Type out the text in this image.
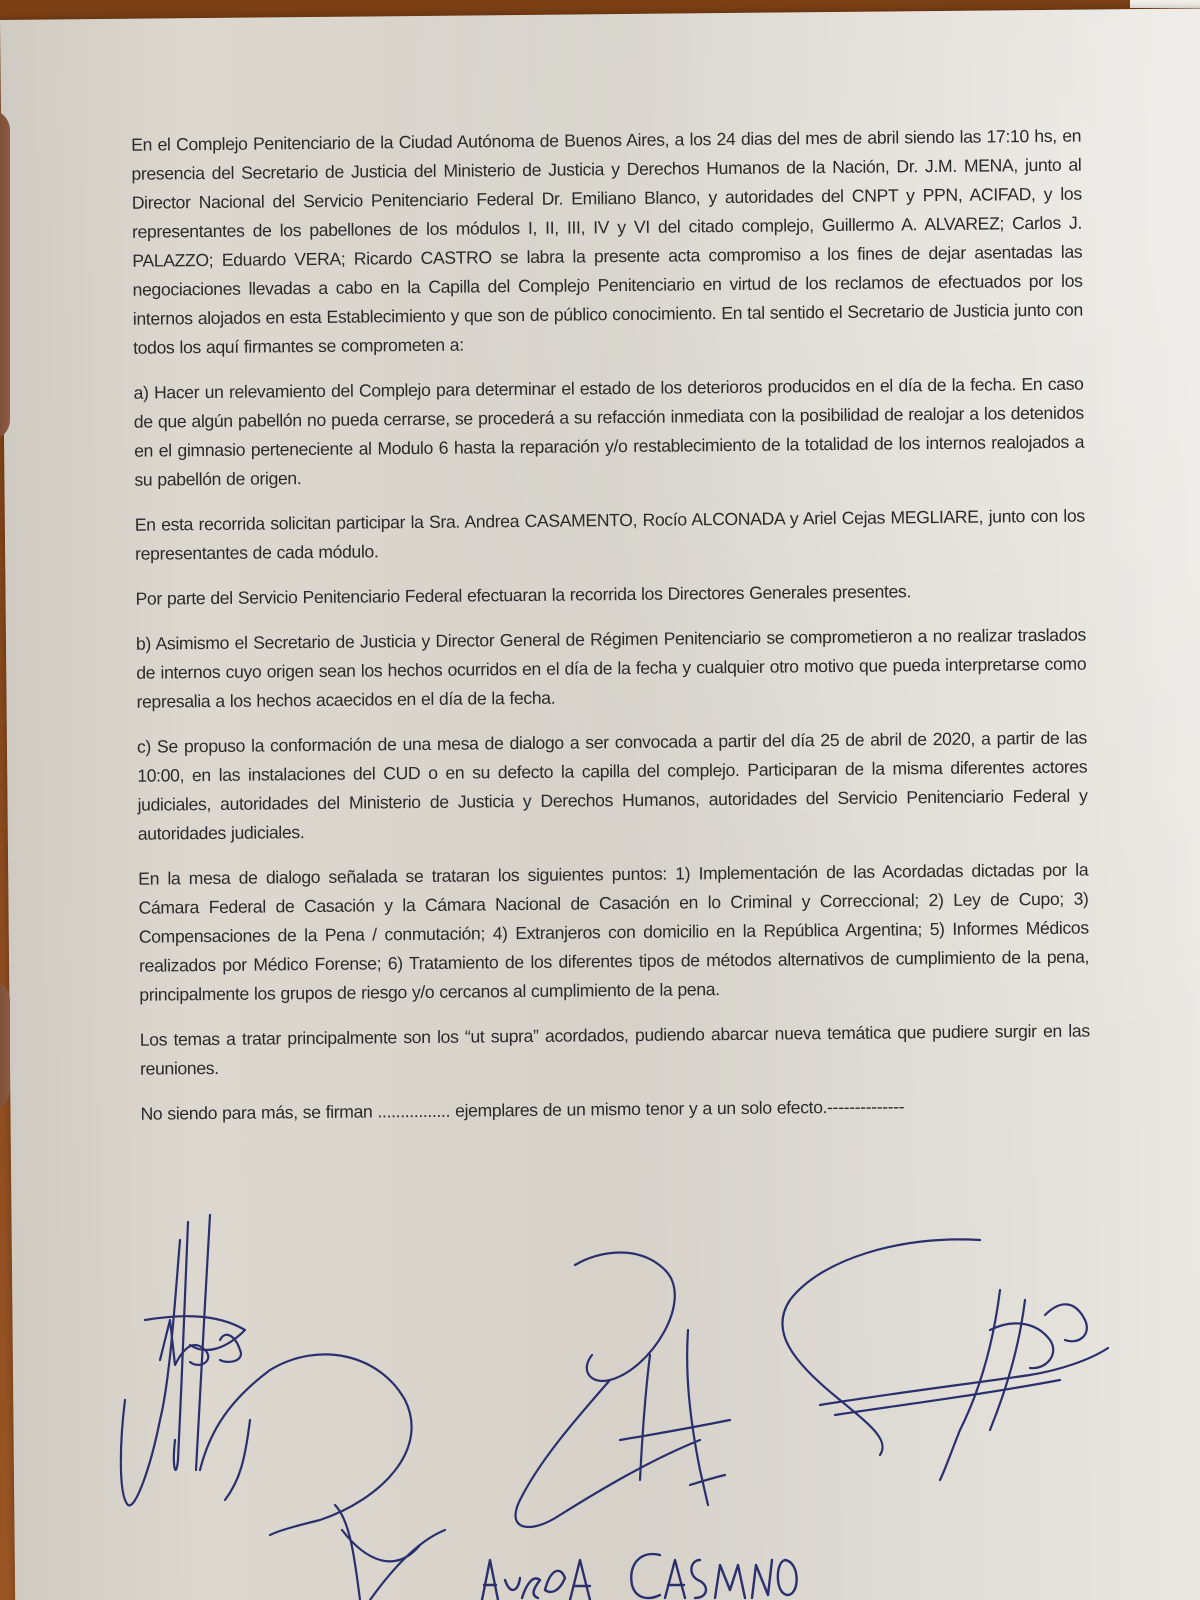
En el Complejo Penitenciario de la Ciudad Autónoma de Buenos Aires, a los 24 dias del mes de abril siendo las 17:10 hs, en presencia del Secretario de Justicia del Ministerio de Justicia y Derechos Humanos de la Nación, Dr. J.M. MENA, junto al Director Nacional del Servicio Penitenciario Federal Dr. Emiliano Blanco, y autoridades del CNPT y PPN, ACIFAD, y los representantes de los pabellones de los módulos I, II, III, IV y VI del citado complejo, Guillermo A. ALVAREZ; Carlos J. PALAZZO; Eduardo VERA; Ricardo CASTRO se labra la presente acta compromiso a los fines de dejar asentadas las negociaciones llevadas a cabo en la Capilla del Complejo Penitenciario en virtud de los reclamos de efectuados por los internos alojados en esta Establecimiento y que son de público conocimiento. En tal sentido el Secretario de Justicia junto con todos los aquí firmantes se comprometen a:

a) Hacer un relevamiento del Complejo para determinar el estado de los deterioros producidos en el día de la fecha. En caso de que algún pabellón no pueda cerrarse, se procederá a su refacción inmediata con la posibilidad de realojar a los detenidos en el gimnasio perteneciente al Modulo 6 hasta la reparación y/o restablecimiento de la totalidad de los internos realojados a su pabellón de origen.

En esta recorrida solicitan participar la Sra. Andrea CASAMENTO, Rocío ALCONADA y Ariel Cejas MEGLIARE, junto con los representantes de cada módulo.

Por parte del Servicio Penitenciario Federal efectuaran la recorrida los Directores Generales presentes.

b) Asimismo el Secretario de Justicia y Director General de Régimen Penitenciario se comprometieron a no realizar traslados de internos cuyo origen sean los hechos ocurridos en el día de la fecha y cualquier otro motivo que pueda interpretarse como represalia a los hechos acaecidos en el día de la fecha.

c) Se propuso la conformación de una mesa de dialogo a ser convocada a partir del día 25 de abril de 2020, a partir de las 10:00, en las instalaciones del CUD o en su defecto la capilla del complejo. Participaran de la misma diferentes actores judiciales, autoridades del Ministerio de Justicia y Derechos Humanos, autoridades del Servicio Penitenciario Federal y autoridades judiciales.

En la mesa de dialogo señalada se trataran los siguientes puntos: 1) Implementación de las Acordadas dictadas por la Cámara Federal de Casación y la Cámara Nacional de Casación en lo Criminal y Correccional; 2) Ley de Cupo; 3) Compensaciones de la Pena / conmutación; 4) Extranjeros con domicilio en la República Argentina; 5) Informes Médicos realizados por Médico Forense; 6) Tratamiento de los diferentes tipos de métodos alternativos de cumplimiento de la pena, principalmente los grupos de riesgo y/o cercanos al cumplimiento de la pena.

Los temas a tratar principalmente son los “ut supra” acordados, pudiendo abarcar nueva temática que pudiere surgir en las reuniones.

No siendo para más, se firman ................ ejemplares de un mismo tenor y a un solo efecto.--------------
